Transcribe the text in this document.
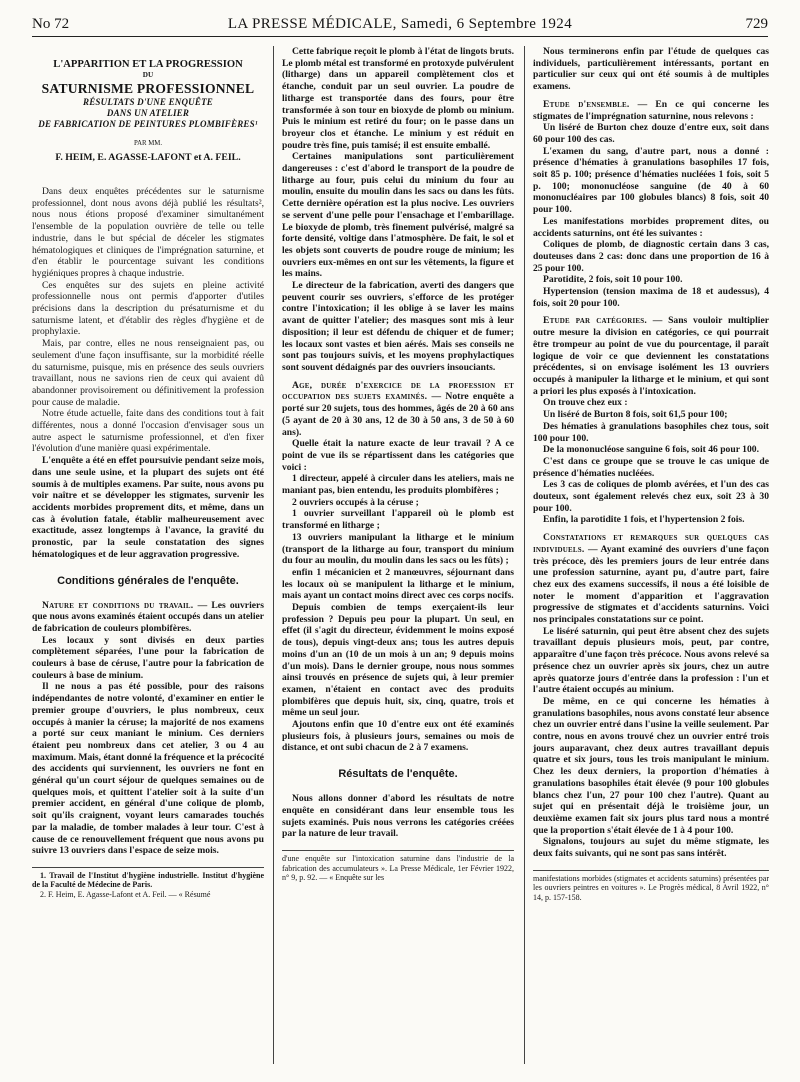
No 72	LA PRESSE MÉDICALE, Samedi, 6 Septembre 1924	729
L'APPARITION ET LA PROGRESSION
DU
SATURNISME PROFESSIONNEL
RÉSULTATS D'UNE ENQUÊTE
DANS UN ATELIER
DE FABRICATION DE PEINTURES PLOMBIFÈRES¹
PAR MM.
F. HEIM, E. AGASSE-LAFONT et A. FEIL.

Dans deux enquêtes précédentes sur le saturnisme professionnel, dont nous avons déjà publié les résultats², nous nous étions proposé d'examiner simultanément l'ensemble de la population ouvrière de telle ou telle industrie, dans le but spécial de déceler les stigmates hématologiques et cliniques de l'imprégnation saturnine, et d'en établir le pourcentage suivant les conditions hygiéniques propres à chaque industrie.

Ces enquêtes sur des sujets en pleine activité professionnelle nous ont permis d'apporter d'utiles précisions dans la description du présaturnisme et du saturnisme latent, et d'établir des règles d'hygiène et de prophylaxie.

Mais, par contre, elles ne nous renseignaient pas, ou seulement d'une façon insuffisante, sur la morbidité réelle du saturnisme, puisque, mis en présence des seuls ouvriers travaillant, nous ne savions rien de ceux qui avaient dû abandonner provisoirement ou définitivement la profession pour cause de maladie.

Notre étude actuelle, faite dans des conditions tout à fait différentes, nous a donné l'occasion d'envisager sous un autre aspect le saturnisme professionnel, et d'en fixer l'évolution d'une manière quasi expérimentale.

L'enquête a été en effet poursuivie pendant seize mois, dans une seule usine, et la plupart des sujets ont été soumis à de multiples examens. Par suite, nous avons pu voir naître et se développer les stigmates, survenir les accidents morbides proprement dits, et même, dans un cas à évolution fatale, établir malheureusement avec exactitude, assez longtemps à l'avance, la gravité du pronostic, par la seule constatation des signes hématologiques et de leur aggravation progressive.

Conditions générales de l'enquête.

Nature et conditions du travail. — Les ouvriers que nous avons examinés étaient occupés dans un atelier de fabrication de couleurs plombifères.

Les locaux y sont divisés en deux parties complètement séparées, l'une pour la fabrication de couleurs à base de céruse, l'autre pour la fabrication de couleurs à base de minium.

Il ne nous a pas été possible, pour des raisons indépendantes de notre volonté, d'examiner en entier le premier groupe d'ouvriers, le plus nombreux, ceux occupés à manier la céruse; la majorité de nos examens a porté sur ceux maniant le minium. Ces derniers étaient peu nombreux dans cet atelier, 3 ou 4 au maximum. Mais, étant donné la fréquence et la précocité des accidents qui surviennent, les ouvriers ne font en général qu'un court séjour de quelques semaines ou de quelques mois, et quittent l'atelier soit à la suite d'un premier accident, en général d'une colique de plomb, soit qu'ils craignent, voyant leurs camarades touchés par la maladie, de tomber malades à leur tour. C'est à cause de ce renouvellement fréquent que nous avons pu suivre 13 ouvriers dans l'espace de seize mois.

1. Travail de l'Institut d'hygiène industrielle. Institut d'hygiène de la Faculté de Médecine de Paris.

2. F. Heim, E. Agasse-Lafont et A. Feil. — « Résumé

Cette fabrique reçoit le plomb à l'état de lingots bruts. Le plomb métal est transformé en protoxyde pulvérulent (litharge) dans un appareil complètement clos et étanche, conduit par un seul ouvrier. La poudre de litharge est transportée dans des fours, pour être transformée à son tour en bioxyde de plomb ou minium. Puis le minium est retiré du four; on le passe dans un broyeur clos et étanche. Le minium y est réduit en poudre très fine, puis tamisé; il est ensuite emballé.

Certaines manipulations sont particulièrement dangereuses : c'est d'abord le transport de la poudre de litharge au four, puis celui du minium du four au moulin, ensuite du moulin dans les sacs ou dans les fûts. Cette dernière opération est la plus nocive. Les ouvriers se servent d'une pelle pour l'ensachage et l'embarillage. Le bioxyde de plomb, très finement pulvérisé, malgré sa forte densité, voltige dans l'atmosphère. De fait, le sol et les objets sont couverts de poudre rouge de minium; les ouvriers eux-mêmes en ont sur les vêtements, la figure et les mains.

Le directeur de la fabrication, averti des dangers que peuvent courir ses ouvriers, s'efforce de les protéger contre l'intoxication; il les oblige à se laver les mains avant de quitter l'atelier; des masques sont mis à leur disposition; il leur est défendu de chiquer et de fumer; les locaux sont vastes et bien aérés. Mais ses conseils ne sont pas toujours suivis, et les moyens prophylactiques sont souvent dédaignés par des ouvriers insouciants.

Age, durée d'exercice de la profession et occupation des sujets examinés. — Notre enquête a porté sur 20 sujets, tous des hommes, âgés de 20 à 60 ans (5 ayant de 20 à 30 ans, 12 de 30 à 50 ans, 3 de 50 à 60 ans).

Quelle était la nature exacte de leur travail ? A ce point de vue ils se répartissent dans les catégories que voici :

1 directeur, appelé à circuler dans les ateliers, mais ne maniant pas, bien entendu, les produits plombifères ;

2 ouvriers occupés à la céruse ;

1 ouvrier surveillant l'appareil où le plomb est transformé en litharge ;

13 ouvriers manipulant la litharge et le minium (transport de la litharge au four, transport du minium du four au moulin, du moulin dans les sacs ou les fûts) ;

enfin 1 mécanicien et 2 manœuvres, séjournant dans les locaux où se manipulent la litharge et le minium, mais ayant un contact moins direct avec ces corps nocifs.

Depuis combien de temps exerçaient-ils leur profession ? Depuis peu pour la plupart. Un seul, en effet (il s'agit du directeur, évidemment le moins exposé de tous), depuis vingt-deux ans; tous les autres depuis moins d'un an (10 de un mois à un an; 9 depuis moins d'un mois). Dans le dernier groupe, nous nous sommes ainsi trouvés en présence de sujets qui, à leur premier examen, n'étaient en contact avec des produits plombifères que depuis huit, six, cinq, quatre, trois et même un seul jour.

Ajoutons enfin que 10 d'entre eux ont été examinés plusieurs fois, à plusieurs jours, semaines ou mois de distance, et ont subi chacun de 2 à 7 examens.

Résultats de l'enquête.

Nous allons donner d'abord les résultats de notre enquête en considérant dans leur ensemble tous les sujets examinés. Puis nous verrons les catégories créées par la nature de leur travail.

d'une enquête sur l'intoxication saturnine dans l'industrie de la fabrication des accumulateurs ». La Presse Médicale, 1er Février 1922, n° 9, p. 92. — « Enquête sur les

Nous terminerons enfin par l'étude de quelques cas individuels, particulièrement intéressants, portant en particulier sur ceux qui ont été soumis à de multiples examens.

Etude d'ensemble. — En ce qui concerne les stigmates de l'imprégnation saturnine, nous relevons :

Un liséré de Burton chez douze d'entre eux, soit dans 60 pour 100 des cas.

L'examen du sang, d'autre part, nous a donné : présence d'hématies à granulations basophiles 17 fois, soit 85 p. 100; présence d'hématies nucléées 1 fois, soit 5 p. 100; mononucléose sanguine (de 40 à 60 mononucléaires par 100 globules blancs) 8 fois, soit 40 pour 100.

Les manifestations morbides proprement dites, ou accidents saturnins, ont été les suivantes :

Coliques de plomb, de diagnostic certain dans 3 cas, douteuses dans 2 cas: donc dans une proportion de 16 à 25 pour 100.

Parotidite, 2 fois, soit 10 pour 100.

Hypertension (tension maxima de 18 et audessus), 4 fois, soit 20 pour 100.

Etude par catégories. — Sans vouloir multiplier outre mesure la division en catégories, ce qui pourrait être trompeur au point de vue du pourcentage, il paraît logique de voir ce que deviennent les constatations précédentes, si on envisage isolément les 13 ouvriers occupés à manipuler la litharge et le minium, et qui sont a priori les plus exposés à l'intoxication.

On trouve chez eux :

Un liséré de Burton 8 fois, soit 61,5 pour 100;

Des hématies à granulations basophiles chez tous, soit 100 pour 100.

De la mononucléose sanguine 6 fois, soit 46 pour 100.

C'est dans ce groupe que se trouve le cas unique de présence d'hématies nucléées.

Les 3 cas de coliques de plomb avérées, et l'un des cas douteux, sont également relevés chez eux, soit 23 à 30 pour 100.

Enfin, la parotidite 1 fois, et l'hypertension 2 fois.

Constatations et remarques sur quelques cas individuels. — Ayant examiné des ouvriers d'une façon très précoce, dès les premiers jours de leur entrée dans une profession saturnine, ayant pu, d'autre part, faire chez eux des examens successifs, il nous a été loisible de noter le moment d'apparition et l'aggravation progressive de stigmates et d'accidents saturnins. Voici nos principales constatations sur ce point.

Le liséré saturnin, qui peut être absent chez des sujets travaillant depuis plusieurs mois, peut, par contre, apparaître d'une façon très précoce. Nous avons relevé sa présence chez un ouvrier après six jours, chez un autre après quatorze jours d'entrée dans la profession : l'un et l'autre étaient occupés au minium.

De même, en ce qui concerne les hématies à granulations basophiles, nous avons constaté leur absence chez un ouvrier entré dans l'usine la veille seulement. Par contre, nous en avons trouvé chez un ouvrier entré trois jours auparavant, chez deux autres travaillant depuis quatre et six jours, tous les trois manipulant le minium. Chez les deux derniers, la proportion d'hématies à granulations basophiles était élevée (9 pour 100 globules blancs chez l'un, 27 pour 100 chez l'autre). Quant au sujet qui en présentait déjà le troisième jour, un deuxième examen fait six jours plus tard nous a montré que la proportion s'était élevée de 1 à 4 pour 100.

Signalons, toujours au sujet du même stigmate, les deux faits suivants, qui ne sont pas sans intérêt.

manifestations morbides (stigmates et accidents saturnins) présentées par les ouvriers peintres en voitures ». Le Progrès médical, 8 Avril 1922, n° 14, p. 157-158.
